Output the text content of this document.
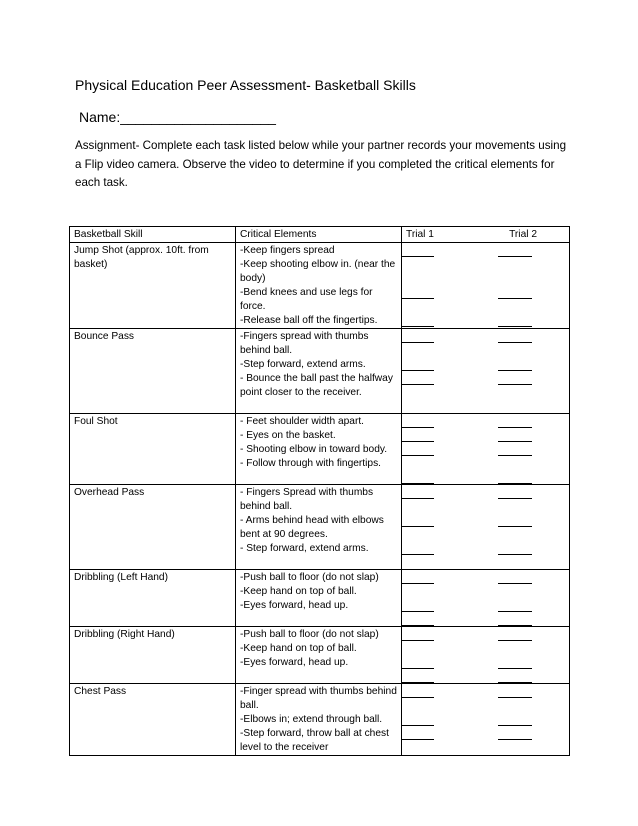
Physical Education Peer Assessment- Basketball Skills
Name:____________________
Assignment- Complete each task listed below while your partner records your movements using a Flip video camera. Observe the video to determine if you completed the critical elements for each task.
Basketball Skill	Critical Elements	Trial 1 Trial 2

Jump Shot (approx. 10ft. from basket)	-Keep fingers spread
-Keep shooting elbow in. (near the body)
-Bend knees and use legs for force.
-Release ball off the fingertips.	

Bounce Pass	-Fingers spread with thumbs behind ball.
-Step forward, extend arms.
- Bounce the ball past the halfway point closer to the receiver.	

Foul Shot	- Feet shoulder width apart.
- Eyes on the basket.
- Shooting elbow in toward body.
- Follow through with fingertips.	

Overhead Pass	- Fingers Spread with thumbs behind ball.
- Arms behind head with elbows bent at 90 degrees.
- Step forward, extend arms.	

Dribbling (Left Hand)	-Push ball to floor (do not slap)
-Keep hand on top of ball.
-Eyes forward, head up.	

Dribbling (Right Hand)	-Push ball to floor (do not slap)
-Keep hand on top of ball.
-Eyes forward, head up.	

Chest Pass	-Finger spread with thumbs behind ball.
-Elbows in; extend through ball.
-Step forward, throw ball at chest level to the receiver	
